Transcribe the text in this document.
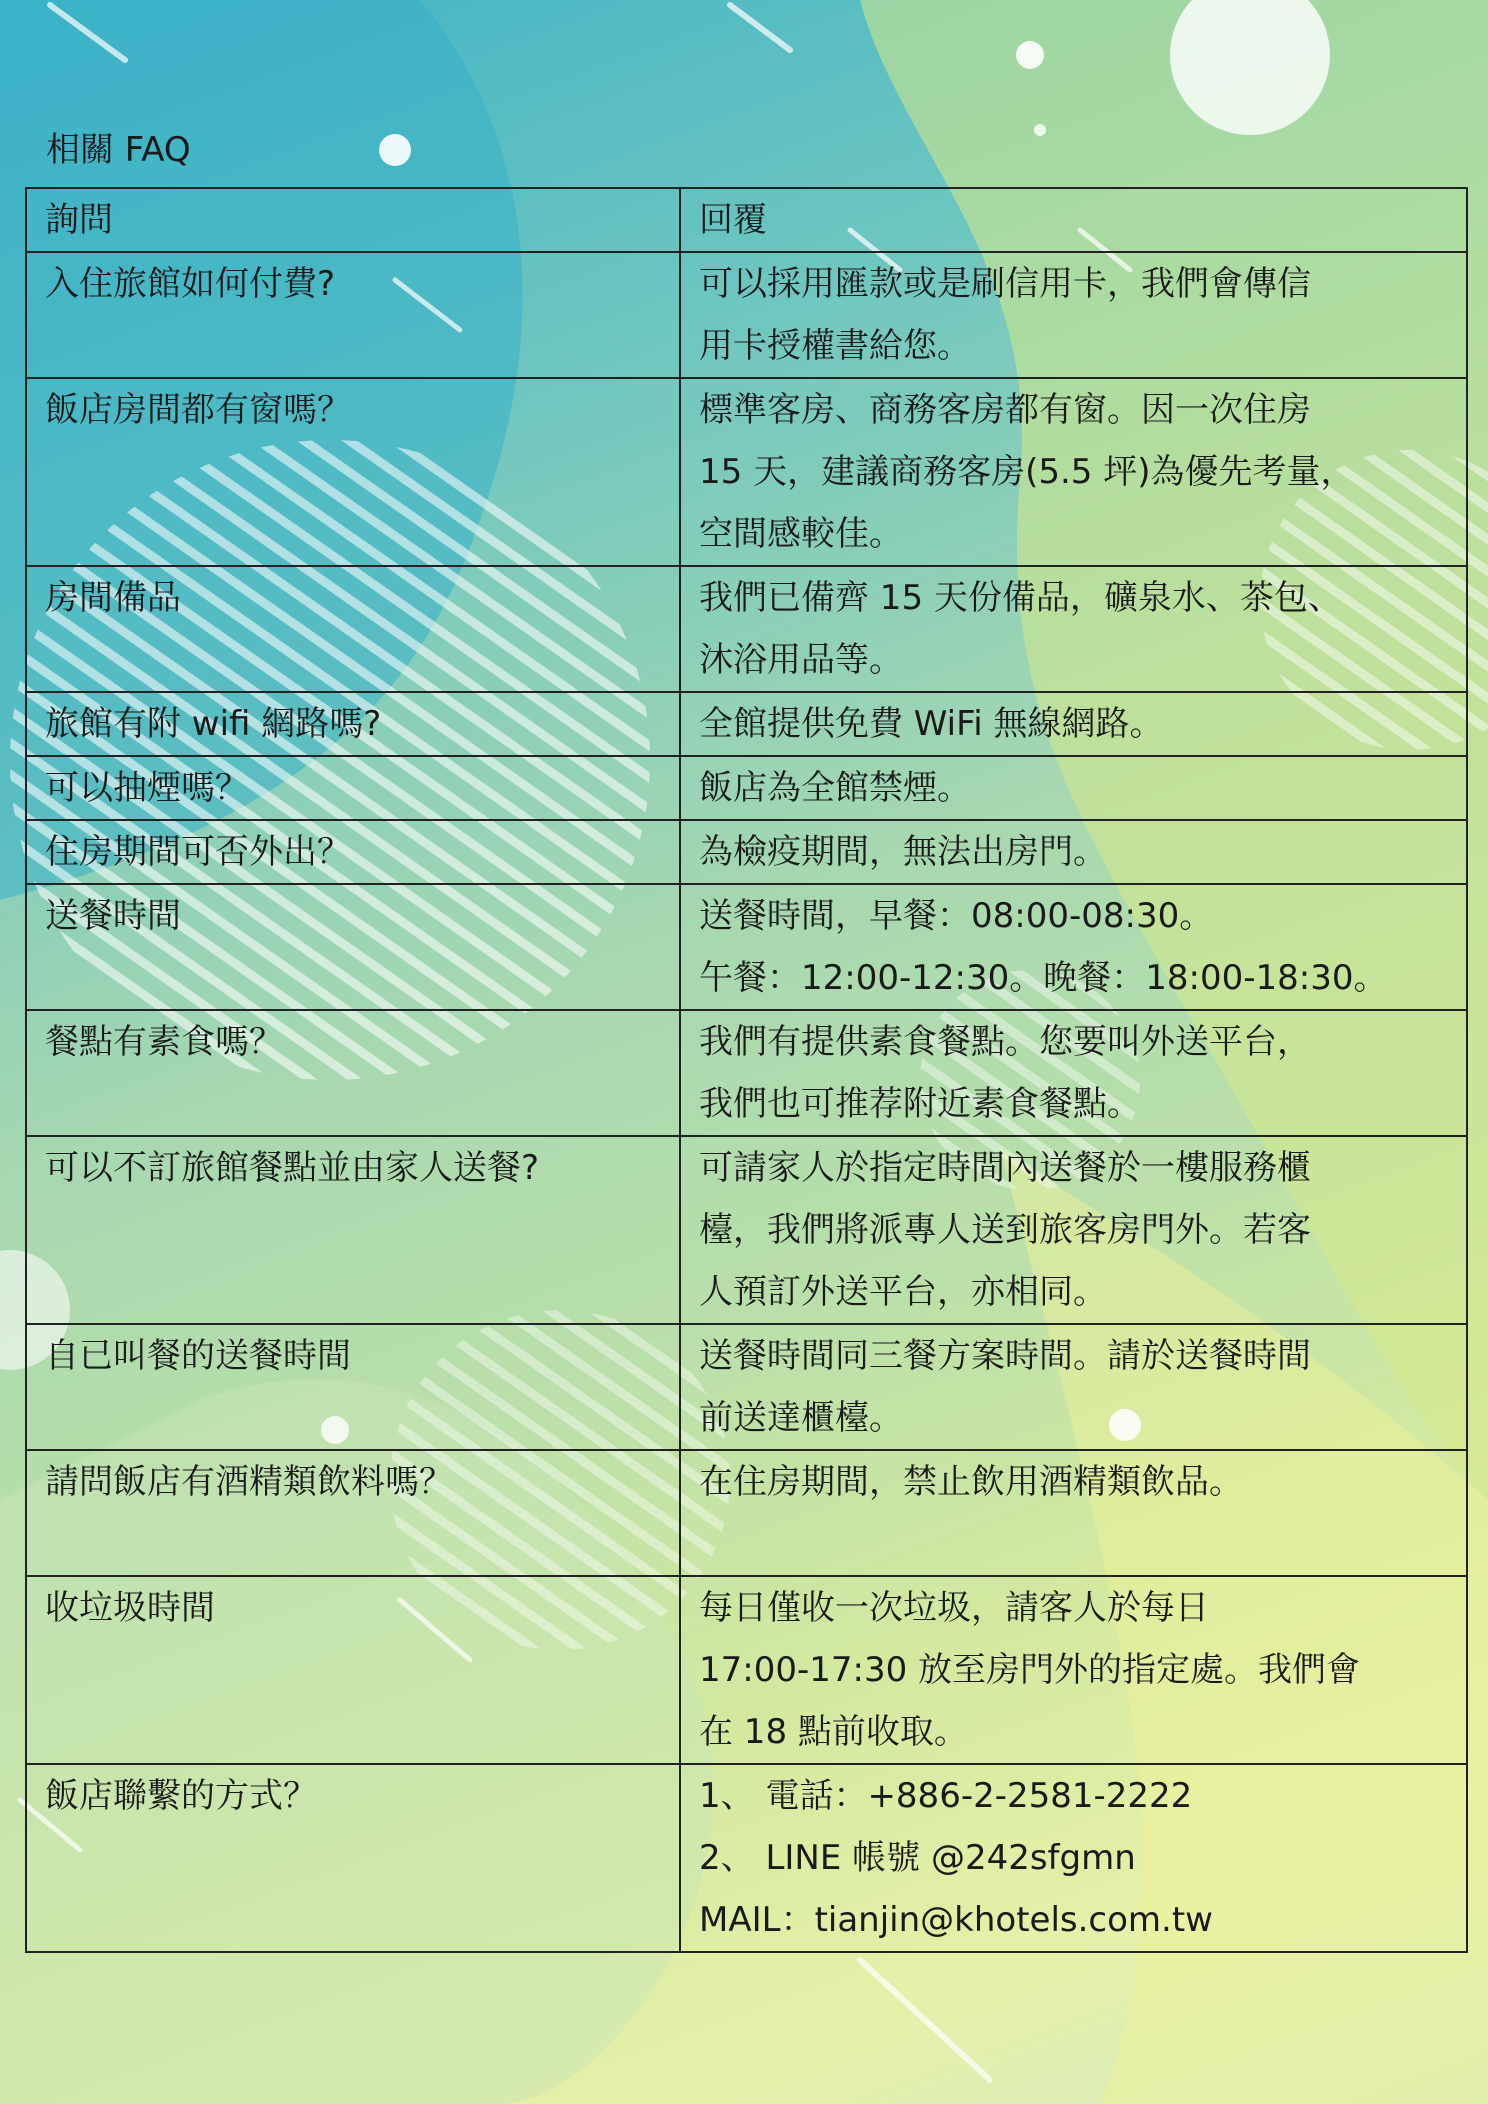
相關 FAQ
詢問	回覆
入住旅館如何付費?	可以採用匯款或是刷信用卡，我們會傳信
用卡授權書給您。
飯店房間都有窗嗎？	標準客房、商務客房都有窗。因一次住房
15 天，建議商務客房(5.5 坪)為優先考量，
空間感較佳。
房間備品	我們已備齊 15 天份備品，礦泉水、茶包、
沐浴用品等。
旅館有附 wifi 網路嗎?	全館提供免費 WiFi 無線網路。
可以抽煙嗎？	飯店為全館禁煙。
住房期間可否外出？	為檢疫期間，無法出房門。
送餐時間	送餐時間，早餐：08:00-08:30。
午餐：12:00-12:30。晚餐：18:00-18:30。
餐點有素食嗎？	我們有提供素食餐點。您要叫外送平台，
我們也可推荐附近素食餐點。
可以不訂旅館餐點並由家人送餐?	可請家人於指定時間內送餐於一樓服務櫃
檯，我們將派專人送到旅客房門外。若客
人預訂外送平台，亦相同。
自已叫餐的送餐時間	送餐時間同三餐方案時間。請於送餐時間
前送達櫃檯。
請問飯店有酒精類飲料嗎？	在住房期間，禁止飲用酒精類飲品。
收垃圾時間	每日僅收一次垃圾，請客人於每日
17:00-17:30 放至房門外的指定處。我們會
在 18 點前收取。
飯店聯繫的方式？	1、 電話：+886-2-2581-2222
2、 LINE 帳號 @242sfgmn
MAIL：tianjin@khotels.com.tw
